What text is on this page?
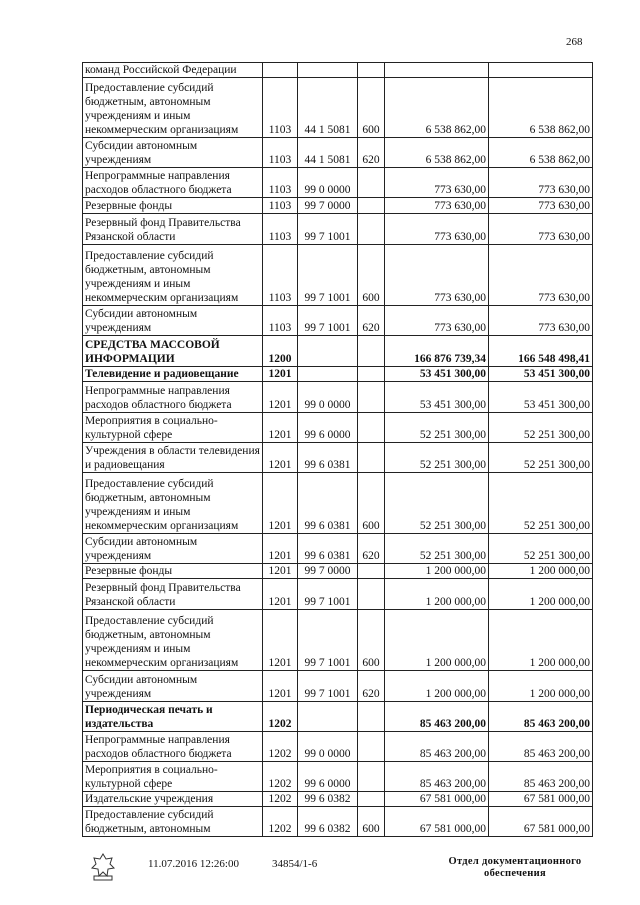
268
команд Российской Федерации					
Предоставление субсидий бюджетным, автономным учреждениям и иным некоммерческим организациям	1103	44 1 5081	600	6 538 862,00	6 538 862,00
Субсидии автономным учреждениям	1103	44 1 5081	620	6 538 862,00	6 538 862,00
Непрограммные направления расходов областного бюджета	1103	99 0 0000		773 630,00	773 630,00
Резервные фонды	1103	99 7 0000		773 630,00	773 630,00
Резервный фонд Правительства Рязанской области	1103	99 7 1001		773 630,00	773 630,00
Предоставление субсидий бюджетным, автономным учреждениям и иным некоммерческим организациям	1103	99 7 1001	600	773 630,00	773 630,00
Субсидии автономным учреждениям	1103	99 7 1001	620	773 630,00	773 630,00
СРЕДСТВА МАССОВОЙ ИНФОРМАЦИИ	1200			166 876 739,34	166 548 498,41
Телевидение и радиовещание	1201			53 451 300,00	53 451 300,00
Непрограммные направления расходов областного бюджета	1201	99 0 0000		53 451 300,00	53 451 300,00
Мероприятия в социально-культурной сфере	1201	99 6 0000		52 251 300,00	52 251 300,00
Учреждения в области телевидения и радиовещания	1201	99 6 0381		52 251 300,00	52 251 300,00
Предоставление субсидий бюджетным, автономным учреждениям и иным некоммерческим организациям	1201	99 6 0381	600	52 251 300,00	52 251 300,00
Субсидии автономным учреждениям	1201	99 6 0381	620	52 251 300,00	52 251 300,00
Резервные фонды	1201	99 7 0000		1 200 000,00	1 200 000,00
Резервный фонд Правительства Рязанской области	1201	99 7 1001		1 200 000,00	1 200 000,00
Предоставление субсидий бюджетным, автономным учреждениям и иным некоммерческим организациям	1201	99 7 1001	600	1 200 000,00	1 200 000,00
Субсидии автономным учреждениям	1201	99 7 1001	620	1 200 000,00	1 200 000,00
Периодическая печать и издательства	1202			85 463 200,00	85 463 200,00
Непрограммные направления расходов областного бюджета	1202	99 0 0000		85 463 200,00	85 463 200,00
Мероприятия в социально-культурной сфере	1202	99 6 0000		85 463 200,00	85 463 200,00
Издательские учреждения	1202	99 6 0382		67 581 000,00	67 581 000,00
Предоставление субсидий бюджетным, автономным	1202	99 6 0382	600	67 581 000,00	67 581 000,00
11.07.2016 12:26:00	34854/1-6	Отдел документационного обеспечения
